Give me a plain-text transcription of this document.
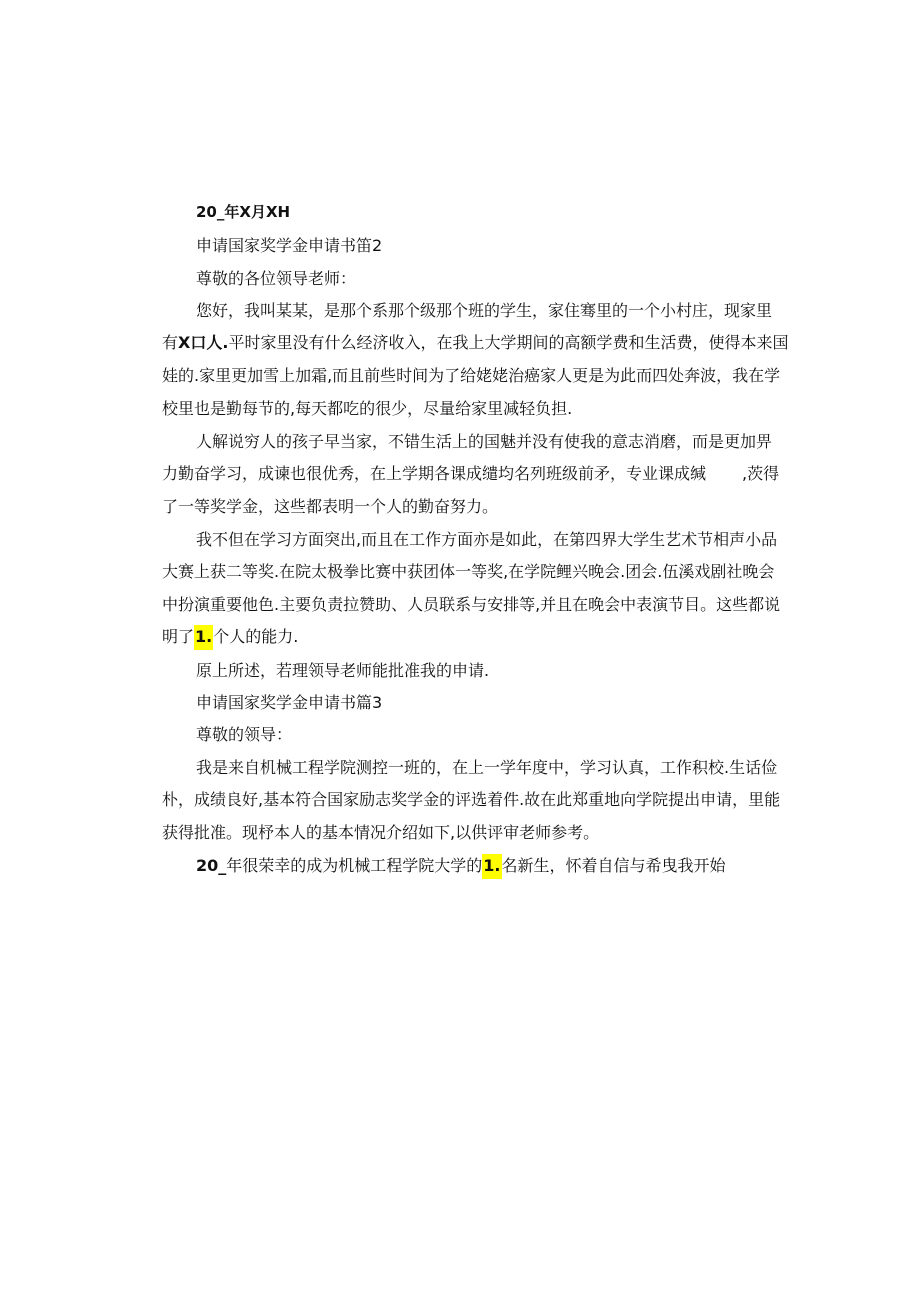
20_年X月XH
申请国家奖学金申请书笛2
尊敬的各位领导老师：
您好，我叫某某，是那个系那个级那个班的学生，家住骞里的一个小村庄，现家里
有X口人.平时家里没有什么经济收入，在我上大学期间的高额学费和生活费，使得本来国
娃的.家里更加雪上加霜,而且前些时间为了给姥姥治癌家人更是为此而四处奔波，我在学
校里也是勤每节的,每天都吃的很少，尽量给家里减轻负担.
人解说穷人的孩子早当家，不错生活上的国魅并没有使我的意志消磨，而是更加畀
力勤奋学习，成谏也很优秀，在上学期各课成缱均名列班级前矛，专业课成缄 ,茨得
了一等奖学金，这些都表明一个人的勤奋努力。
我不但在学习方面突出,而且在工作方面亦是如此，在第四界大学生艺术节相声小品
大赛上获二等奖.在院太极拳比赛中获团体一等奖,在学院鲤兴晚会.团会.伍溪戏剧社晚会
中扮演重要他色.主要负责拉赞助、人员联系与安排等,并且在晚会中表演节目。这些都说
明了1.个人的能力.
原上所述，若理领导老师能批准我的申请.
申请国家奖学金申请书篇3
尊敬的领导：
我是来自机械工程学院测控一班的，在上一学年度中，学习认真，工作积校.生话俭
朴，成绩良好,基本符合国家励志奖学金的评选着件.故在此郑重地向学院提出申请，里能
获得批准。现杼本人的基本情况介绍如下,以供评审老师参考。
20_年很荣幸的成为机械工程学院大学的1.名新生，怀着自信与希曳我开始
